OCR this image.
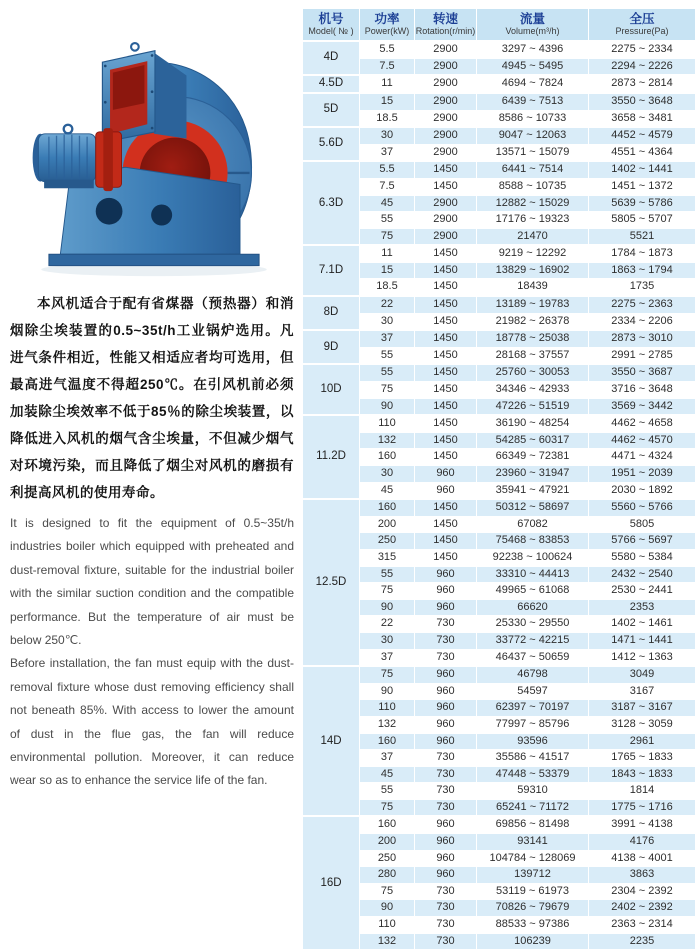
本风机适合于配有省煤器（预热器）和消烟除尘埃装置的0.5~35t/h工业锅炉选用。凡进气条件相近，性能又相适应者均可选用，但最高进气温度不得超250℃。在引风机前必须加装除尘埃效率不低于85％的除尘埃装置，以降低进入风机的烟气含尘埃量，不但减少烟气对环境污染，而且降低了烟尘对风机的磨损有利提高风机的使用寿命。

It is designed to fit the equipment of 0.5~35t/h industries boiler which equipped with preheated and dust-removal fixture, suitable for the industrial boiler with the similar suction condition and the compatible performance. But the temperature of air must be below 250℃.

Before installation, the fan must equip with the dust-removal fixture whose dust removing efficiency shall not beneath 85%. With access to lower the amount of dust in the flue gas, the fan will reduce environmental pollution. Moreover, it can reduce wear so as to enhance the service life of the fan.

机号
Model( № )

功率
Power(kW)

转速
Rotation(r/min)

流量
Volume(m³/h)

全压
Pressure(Pa)

4D	5.5	2900	3297 ~ 4396	2275 ~ 2334
	7.5	2900	4945 ~ 5495	2294 ~ 2226
4.5D	11	2900	4694 ~ 7824	2873 ~ 2814
5D	15	2900	6439 ~ 7513	3550 ~ 3648
	18.5	2900	8586 ~ 10733	3658 ~ 3481
5.6D	30	2900	9047 ~ 12063	4452 ~ 4579
	37	2900	13571 ~ 15079	4551 ~ 4364
6.3D	5.5	1450	6441 ~ 7514	1402 ~ 1441
	7.5	1450	8588 ~ 10735	1451 ~ 1372
	45	2900	12882 ~ 15029	5639 ~ 5786
	55	2900	17176 ~ 19323	5805 ~ 5707
	75	2900	21470	5521
7.1D	11	1450	9219 ~ 12292	1784 ~ 1873
	15	1450	13829 ~ 16902	1863 ~ 1794
	18.5	1450	18439	1735
8D	22	1450	13189 ~ 19783	2275 ~ 2363
	30	1450	21982 ~ 26378	2334 ~ 2206
9D	37	1450	18778 ~ 25038	2873 ~ 3010
	55	1450	28168 ~ 37557	2991 ~ 2785
10D	55	1450	25760 ~ 30053	3550 ~ 3687
	75	1450	34346 ~ 42933	3716 ~ 3648
	90	1450	47226 ~ 51519	3569 ~ 3442
11.2D	110	1450	36190 ~ 48254	4462 ~ 4658
	132	1450	54285 ~ 60317	4462 ~ 4570
	160	1450	66349 ~ 72381	4471 ~ 4324
	30	960	23960 ~ 31947	1951 ~ 2039
	45	960	35941 ~ 47921	2030 ~ 1892
12.5D	160	1450	50312 ~ 58697	5560 ~ 5766
	200	1450	67082	5805
	250	1450	75468 ~ 83853	5766 ~ 5697
	315	1450	92238 ~ 100624	5580 ~ 5384
	55	960	33310 ~ 44413	2432 ~ 2540
	75	960	49965 ~ 61068	2530 ~ 2441
	90	960	66620	2353
	22	730	25330 ~ 29550	1402 ~ 1461
	30	730	33772 ~ 42215	1471 ~ 1441
	37	730	46437 ~ 50659	1412 ~ 1363
14D	75	960	46798	3049
	90	960	54597	3167
	110	960	62397 ~ 70197	3187 ~ 3167
	132	960	77997 ~ 85796	3128 ~ 3059
	160	960	93596	2961
	37	730	35586 ~ 41517	1765 ~ 1833
	45	730	47448 ~ 53379	1843 ~ 1833
	55	730	59310	1814
	75	730	65241 ~ 71172	1775 ~ 1716
16D	160	960	69856 ~ 81498	3991 ~ 4138
	200	960	93141	4176
	250	960	104784 ~ 128069	4138 ~ 4001
	280	960	139712	3863
	75	730	53119 ~ 61973	2304 ~ 2392
	90	730	70826 ~ 79679	2402 ~ 2392
	110	730	88533 ~ 97386	2363 ~ 2314
	132	730	106239	2235
